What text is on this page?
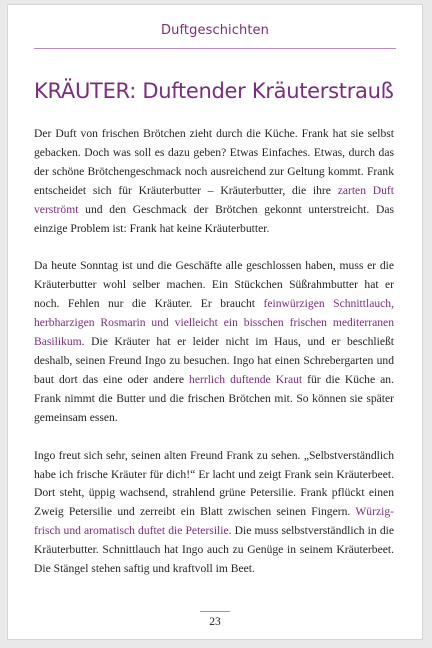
Duftgeschichten
KRÄUTER: Duftender Kräuterstrauß

Der Duft von frischen Brötchen zieht durch die Küche. Frank hat sie selbst gebacken. Doch was soll es dazu geben? Etwas Einfaches. Etwas, durch das der schöne Brötchengeschmack noch ausreichend zur Geltung kommt. Frank entscheidet sich für Kräuterbutter – Kräuterbutter, die ihre zarten Duft verströmt und den Geschmack der Brötchen gekonnt unterstreicht. Das einzige Problem ist: Frank hat keine Kräuterbutter.

Da heute Sonntag ist und die Geschäfte alle geschlossen haben, muss er die Kräuterbutter wohl selber machen. Ein Stückchen Süßrahmbutter hat er noch. Fehlen nur die Kräuter. Er braucht feinwürzigen Schnittlauch, herbharzigen Rosmarin und vielleicht ein bisschen frischen mediterranen Basilikum. Die Kräuter hat er leider nicht im Haus, und er beschließt deshalb, seinen Freund Ingo zu besuchen. Ingo hat einen Schrebergarten und baut dort das eine oder andere herrlich duftende Kraut für die Küche an. Frank nimmt die Butter und die frischen Brötchen mit. So können sie später gemeinsam essen.

Ingo freut sich sehr, seinen alten Freund Frank zu sehen. „Selbstverständlich habe ich frische Kräuter für dich!“ Er lacht und zeigt Frank sein Kräuterbeet. Dort steht, üppig wachsend, strahlend grüne Petersilie. Frank pflückt einen Zweig Petersilie und zerreibt ein Blatt zwischen seinen Fingern. Würzig-frisch und aromatisch duftet die Petersilie. Die muss selbstverständlich in die Kräuterbutter. Schnittlauch hat Ingo auch zu Genüge in seinem Kräuterbeet. Die Stängel stehen saftig und kraftvoll im Beet.

23
